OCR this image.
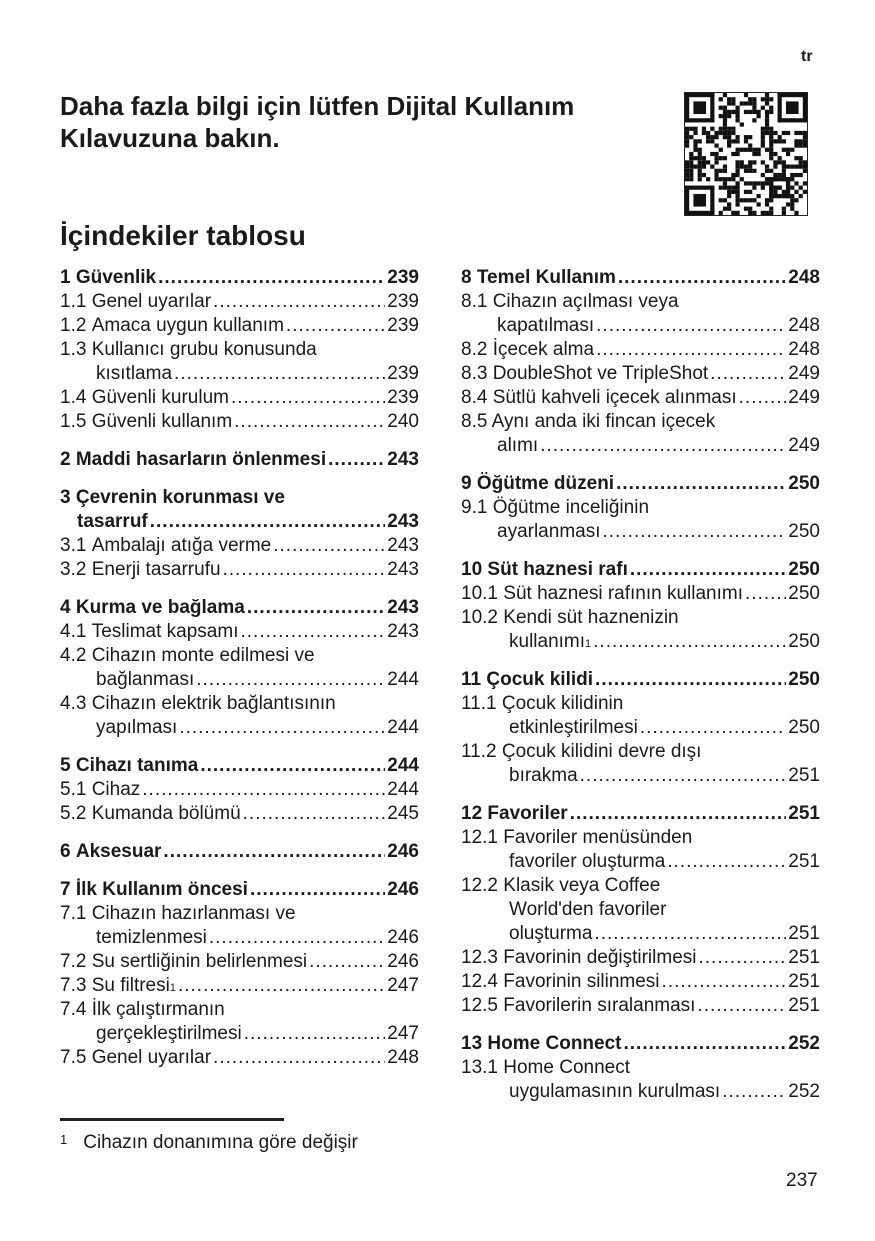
tr
Daha fazla bilgi için lütfen Dijital Kullanım
Kılavuzuna bakın.
İçindekiler tablosu
1 Güvenlik .....	239
1.1 Genel uyarılar .....	239
1.2 Amaca uygun kullanım .....	239
1.3 Kullanıcı grubu konusunda
kısıtlama .....	239
1.4 Güvenli kurulum .....	239
1.5 Güvenli kullanım .....	240
2 Maddi hasarların önlenmesi .....	243
3 Çevrenin korunması ve
tasarruf .....	243
3.1 Ambalajı atığa verme .....	243
3.2 Enerji tasarrufu .....	243
4 Kurma ve bağlama .....	243
4.1 Teslimat kapsamı .....	243
4.2 Cihazın monte edilmesi ve
bağlanması .....	244
4.3 Cihazın elektrik bağlantısının
yapılması .....	244
5 Cihazı tanıma .....	244
5.1 Cihaz .....	244
5.2 Kumanda bölümü .....	245
6 Aksesuar .....	246
7 İlk Kullanım öncesi .....	246
7.1 Cihazın hazırlanması ve
temizlenmesi .....	246
7.2 Su sertliğinin belirlenmesi .....	246
7.3 Su filtresi 1 .....	247
7.4 İlk çalıştırmanın
gerçekleştirilmesi .....	247
7.5 Genel uyarılar .....	248
8 Temel Kullanım .....	248
8.1 Cihazın açılması veya
kapatılması .....	248
8.2 İçecek alma .....	248
8.3 DoubleShot ve TripleShot .....	249
8.4 Sütlü kahveli içecek alınması .....	249
8.5 Aynı anda iki fincan içecek
alımı .....	249
9 Öğütme düzeni .....	250
9.1 Öğütme inceliğinin
ayarlanması .....	250
10 Süt haznesi rafı .....	250
10.1 Süt haznesi rafının kullanımı ..... 250
10.2 Kendi süt haznenizin
kullanımı 1 .....	250
11 Çocuk kilidi .....	250
11.1 Çocuk kilidinin
etkinleştirilmesi .....	250
11.2 Çocuk kilidini devre dışı
bırakma .....	251
12 Favoriler .....	251
12.1 Favoriler menüsünden
favoriler oluşturma .....	251
12.2 Klasik veya Coffee
World'den favoriler
oluşturma .....	251
12.3 Favorinin değiştirilmesi .....	251
12.4 Favorinin silinmesi .....	251
12.5 Favorilerin sıralanması .....	251
13 Home Connect .....	252
13.1 Home Connect
uygulamasının kurulması .....	252
$^1$ Cihazın donanımına göre değişir
237
